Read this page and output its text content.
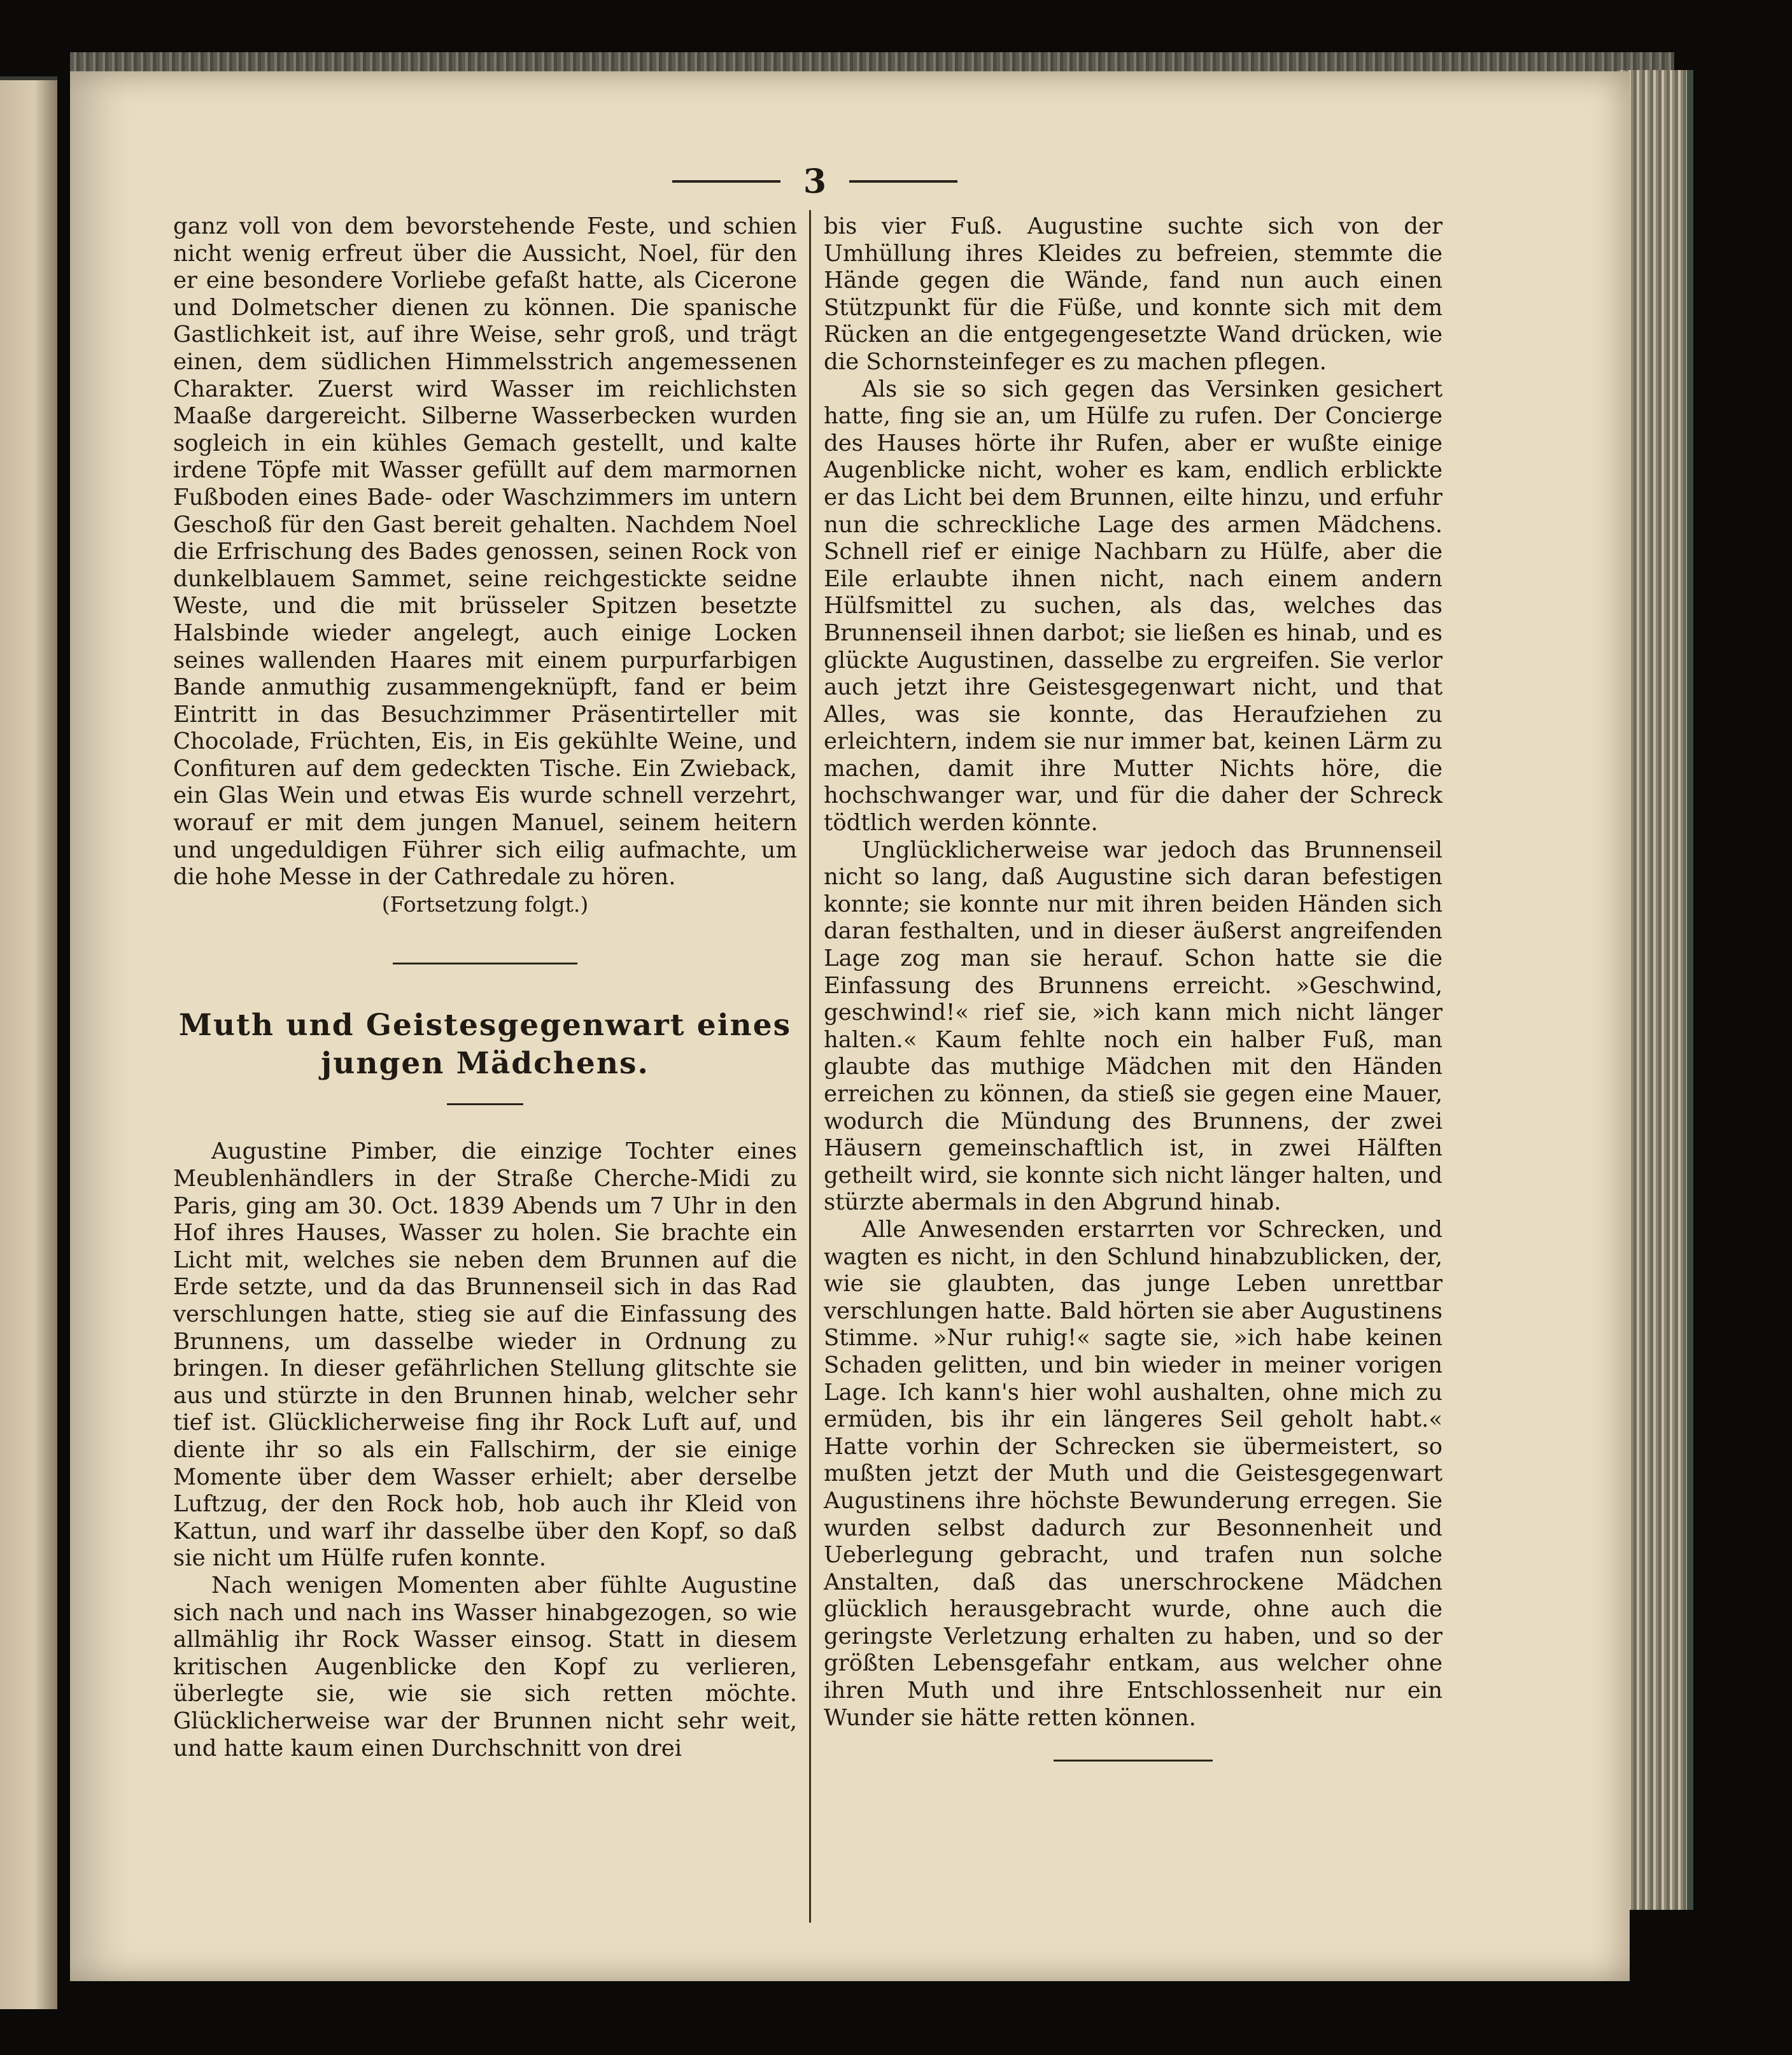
3

ganz voll von dem bevorstehende Feste, und schien nicht wenig erfreut über die Aussicht, Noel, für den er eine besondere Vorliebe gefaßt hatte, als Cicerone und Dolmetscher dienen zu können. Die spanische Gastlichkeit ist, auf ihre Weise, sehr groß, und trägt einen, dem südlichen Himmelsstrich angemessenen Charakter. Zuerst wird Wasser im reichlichsten Maaße dargereicht. Silberne Wasserbecken wurden sogleich in ein kühles Gemach gestellt, und kalte irdene Töpfe mit Wasser gefüllt auf dem marmornen Fußboden eines Bade- oder Waschzimmers im untern Geschoß für den Gast bereit gehalten. Nachdem Noel die Erfrischung des Bades genossen, seinen Rock von dunkelblauem Sammet, seine reichgestickte seidne Weste, und die mit brüsseler Spitzen besetzte Halsbinde wieder angelegt, auch einige Locken seines wallenden Haares mit einem purpurfarbigen Bande anmuthig zusammengeknüpft, fand er beim Eintritt in das Besuchzimmer Präsentirteller mit Chocolade, Früchten, Eis, in Eis gekühlte Weine, und Confituren auf dem gedeckten Tische. Ein Zwieback, ein Glas Wein und etwas Eis wurde schnell verzehrt, worauf er mit dem jungen Manuel, seinem heitern und ungeduldigen Führer sich eilig aufmachte, um die hohe Messe in der Cathredale zu hören.

(Fortsetzung folgt.)

Muth und Geistesgegenwart eines

jungen Mädchens.

Augustine Pimber, die einzige Tochter eines Meublenhändlers in der Straße Cherche-Midi zu Paris, ging am 30. Oct. 1839 Abends um 7 Uhr in den Hof ihres Hauses, Wasser zu holen. Sie brachte ein Licht mit, welches sie neben dem Brunnen auf die Erde setzte, und da das Brunnenseil sich in das Rad verschlungen hatte, stieg sie auf die Einfassung des Brunnens, um dasselbe wieder in Ordnung zu bringen. In dieser gefährlichen Stellung glitschte sie aus und stürzte in den Brunnen hinab, welcher sehr tief ist. Glücklicherweise fing ihr Rock Luft auf, und diente ihr so als ein Fallschirm, der sie einige Momente über dem Wasser erhielt; aber derselbe Luftzug, der den Rock hob, hob auch ihr Kleid von Kattun, und warf ihr dasselbe über den Kopf, so daß sie nicht um Hülfe rufen konnte.

Nach wenigen Momenten aber fühlte Augustine sich nach und nach ins Wasser hinabgezogen, so wie allmählig ihr Rock Wasser einsog. Statt in diesem kritischen Augenblicke den Kopf zu verlieren, überlegte sie, wie sie sich retten möchte. Glücklicherweise war der Brunnen nicht sehr weit, und hatte kaum einen Durchschnitt von drei

bis vier Fuß. Augustine suchte sich von der Umhüllung ihres Kleides zu befreien, stemmte die Hände gegen die Wände, fand nun auch einen Stützpunkt für die Füße, und konnte sich mit dem Rücken an die entgegengesetzte Wand drücken, wie die Schornsteinfeger es zu machen pflegen.

Als sie so sich gegen das Versinken gesichert hatte, fing sie an, um Hülfe zu rufen. Der Concierge des Hauses hörte ihr Rufen, aber er wußte einige Augenblicke nicht, woher es kam, endlich erblickte er das Licht bei dem Brunnen, eilte hinzu, und erfuhr nun die schreckliche Lage des armen Mädchens. Schnell rief er einige Nachbarn zu Hülfe, aber die Eile erlaubte ihnen nicht, nach einem andern Hülfsmittel zu suchen, als das, welches das Brunnenseil ihnen darbot; sie ließen es hinab, und es glückte Augustinen, dasselbe zu ergreifen. Sie verlor auch jetzt ihre Geistesgegenwart nicht, und that Alles, was sie konnte, das Heraufziehen zu erleichtern, indem sie nur immer bat, keinen Lärm zu machen, damit ihre Mutter Nichts höre, die hochschwanger war, und für die daher der Schreck tödtlich werden könnte.

Unglücklicherweise war jedoch das Brunnenseil nicht so lang, daß Augustine sich daran befestigen konnte; sie konnte nur mit ihren beiden Händen sich daran festhalten, und in dieser äußerst angreifenden Lage zog man sie herauf. Schon hatte sie die Einfassung des Brunnens erreicht. »Geschwind, geschwind!« rief sie, »ich kann mich nicht länger halten.« Kaum fehlte noch ein halber Fuß, man glaubte das muthige Mädchen mit den Händen erreichen zu können, da stieß sie gegen eine Mauer, wodurch die Mündung des Brunnens, der zwei Häusern gemeinschaftlich ist, in zwei Hälften getheilt wird, sie konnte sich nicht länger halten, und stürzte abermals in den Abgrund hinab.

Alle Anwesenden erstarrten vor Schrecken, und wagten es nicht, in den Schlund hinabzublicken, der, wie sie glaubten, das junge Leben unrettbar verschlungen hatte. Bald hörten sie aber Augustinens Stimme. »Nur ruhig!« sagte sie, »ich habe keinen Schaden gelitten, und bin wieder in meiner vorigen Lage. Ich kann's hier wohl aushalten, ohne mich zu ermüden, bis ihr ein längeres Seil geholt habt.« Hatte vorhin der Schrecken sie übermeistert, so mußten jetzt der Muth und die Geistesgegenwart Augustinens ihre höchste Bewunderung erregen. Sie wurden selbst dadurch zur Besonnenheit und Ueberlegung gebracht, und trafen nun solche Anstalten, daß das unerschrockene Mädchen glücklich herausgebracht wurde, ohne auch die geringste Verletzung erhalten zu haben, und so der größten Lebensgefahr entkam, aus welcher ohne ihren Muth und ihre Entschlossenheit nur ein Wunder sie hätte retten können.
